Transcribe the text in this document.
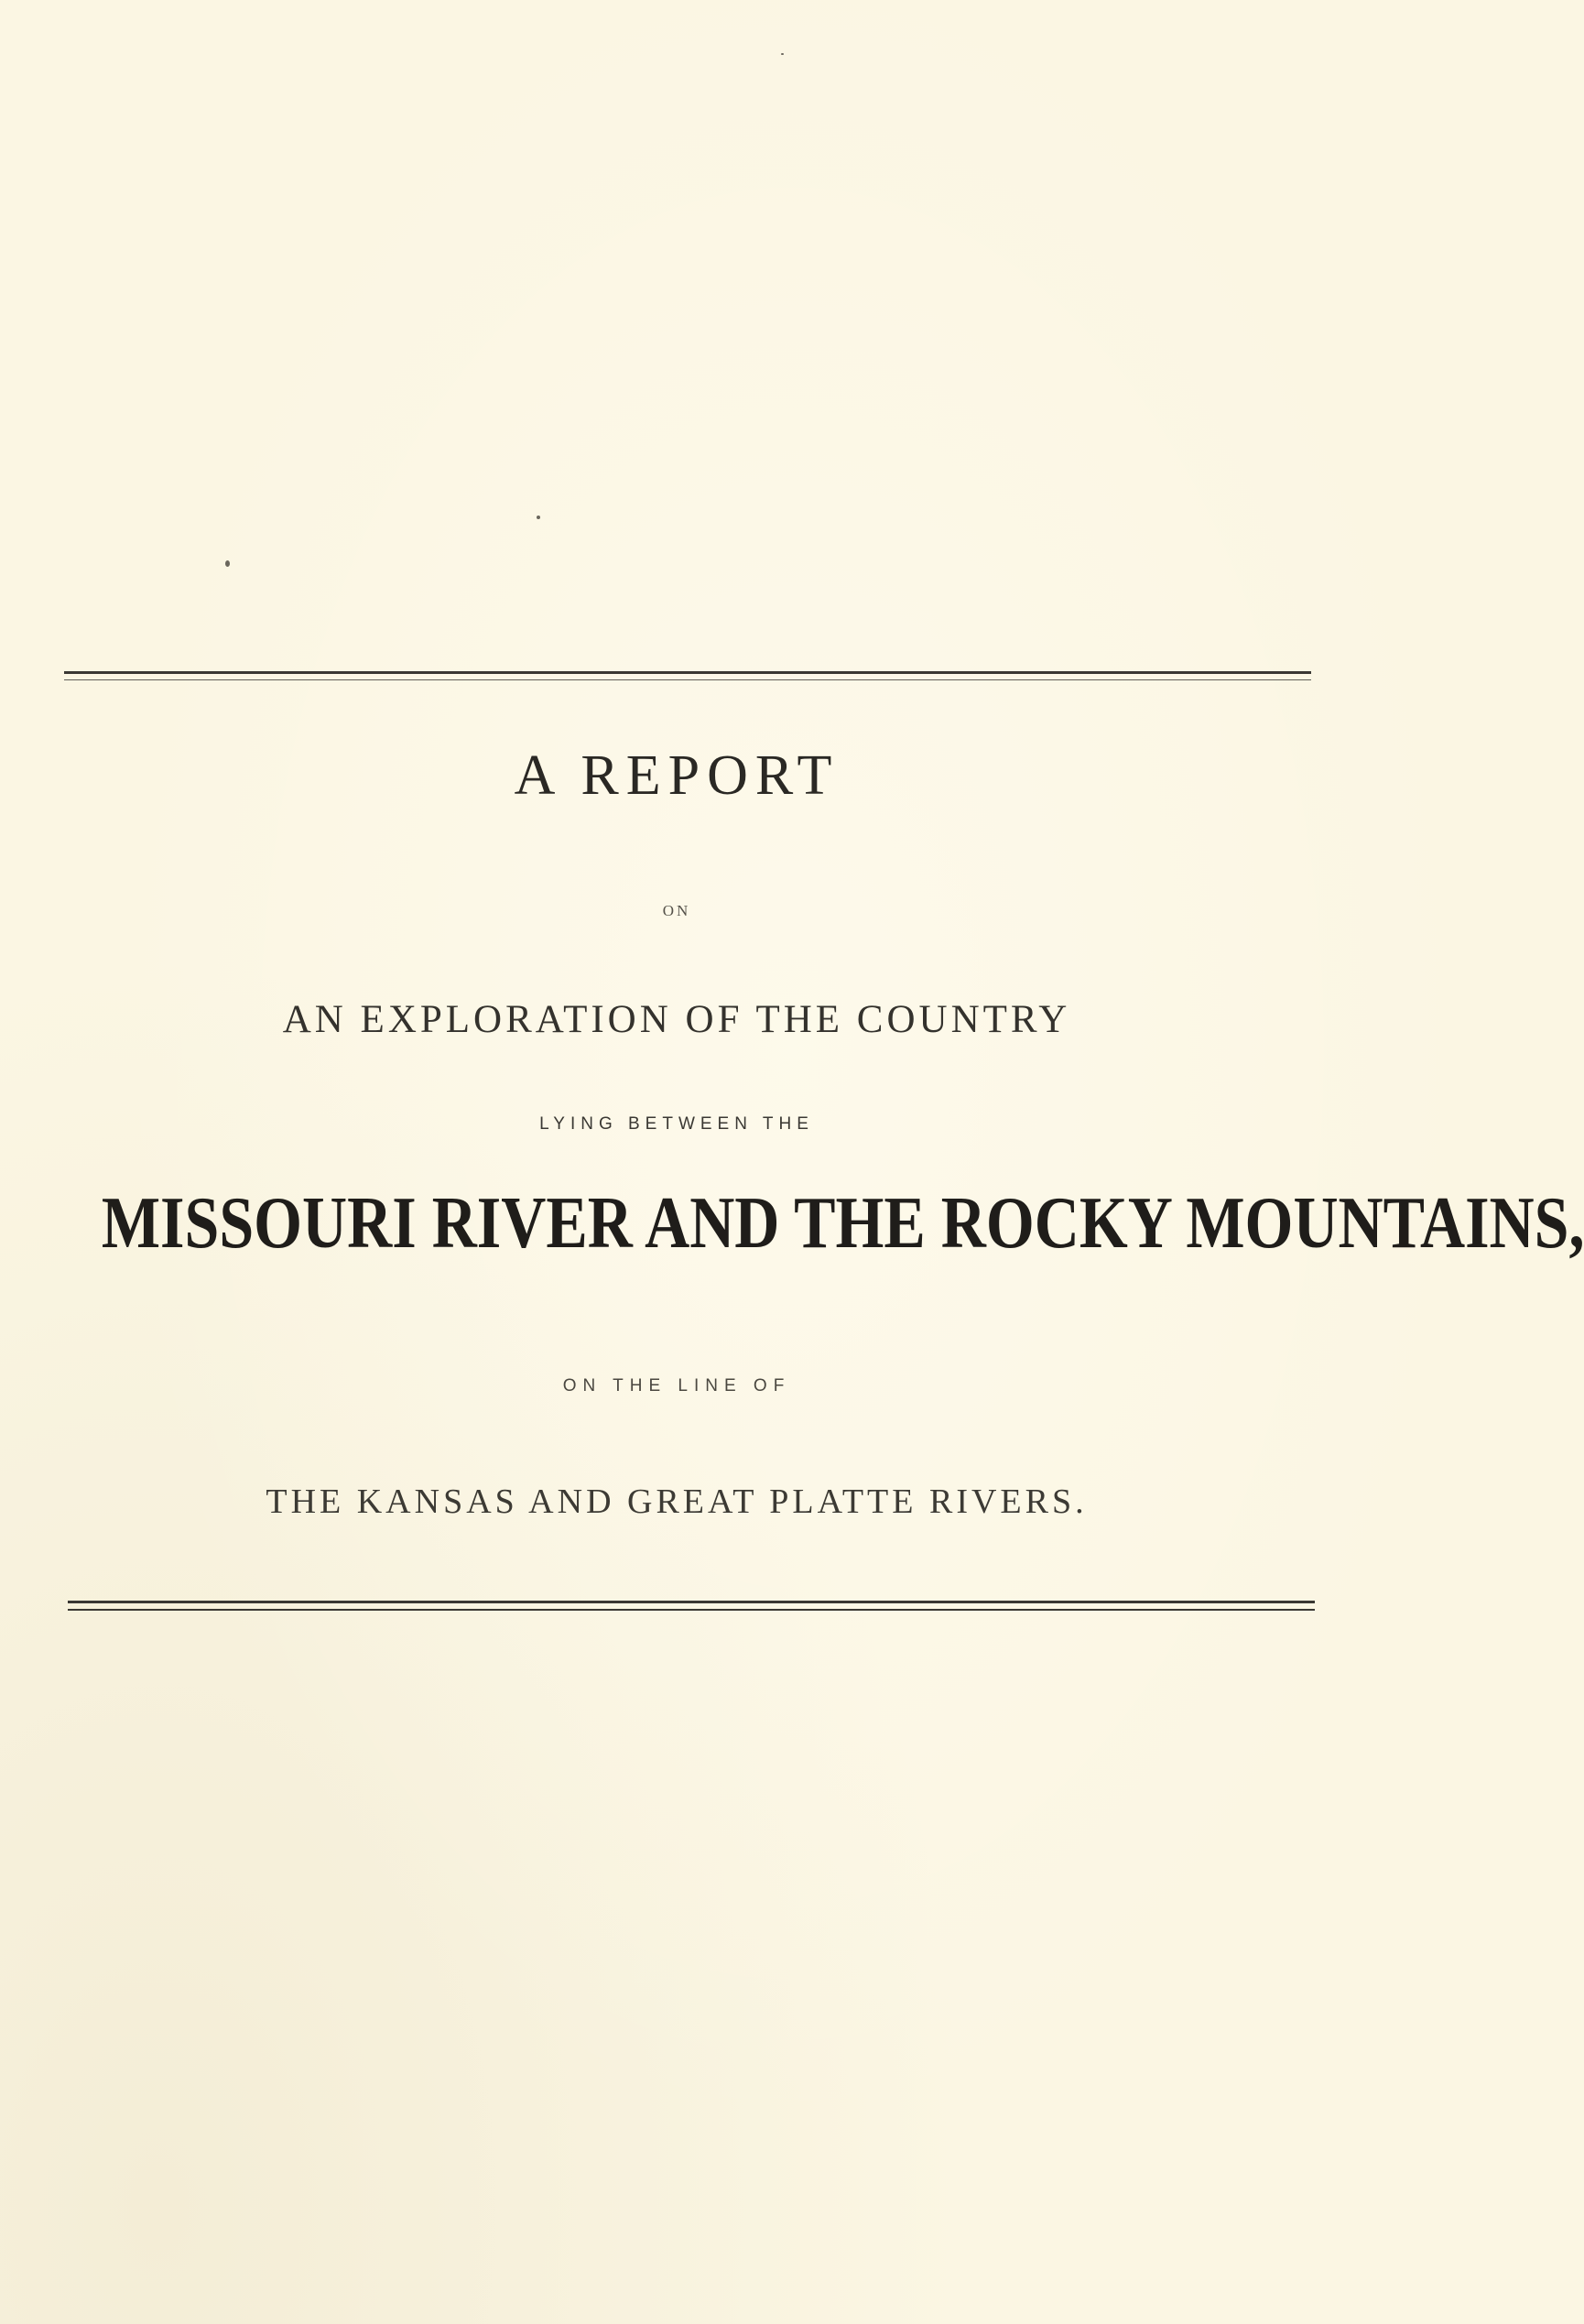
A REPORT
ON
AN EXPLORATION OF THE COUNTRY
LYING BETWEEN THE
MISSOURI RIVER AND THE ROCKY MOUNTAINS,
ON THE LINE OF
THE KANSAS AND GREAT PLATTE RIVERS.
